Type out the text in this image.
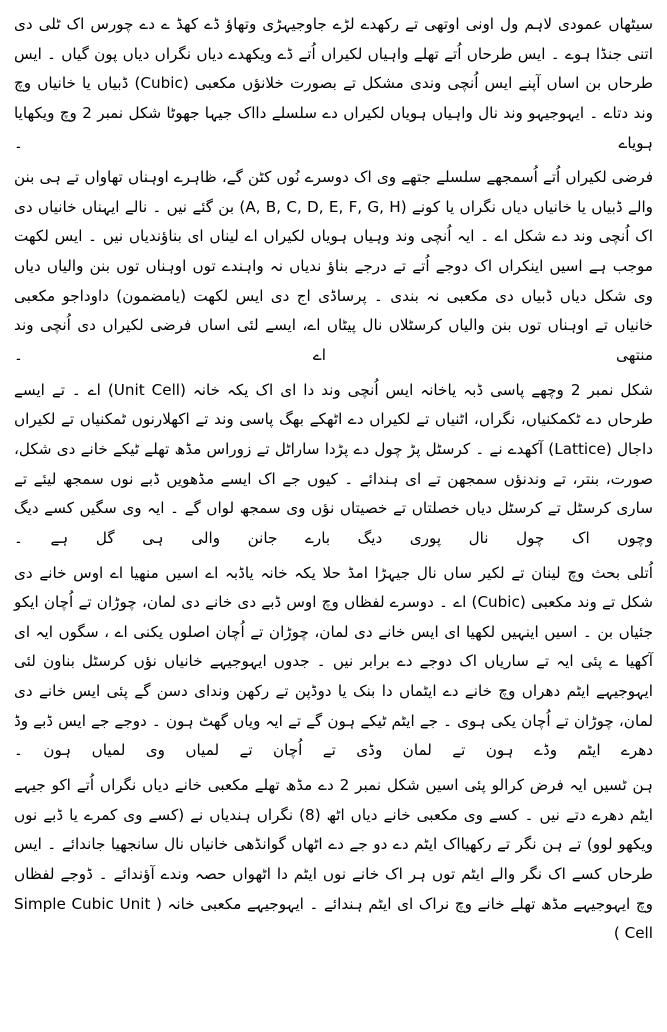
سیٹھاں عمودی لاہم ول اونی اوتھی تے رکھدے لڑے جاوجیہڑی وتھاؤ ڈے کھڈ ے دے چورس اک ٹلی دی اتنی جنڈا ہوے ۔ ایس طرحاں اُتے تھلے واہیاں لکیراں اُتے ڈے ویکھدے دیاں نگراں دیاں پون گیاں ۔ ایس طرحاں بن اساں آپنے ایس اُنچی وندی مشکل تے بصورت خلانؤں مکعبی (Cubic) ڈبیاں یا خانیاں وچ وند دتاے ۔ ایہوجیہو وند نال واہیاں ہویاں لکیراں دے سلسلے دااک جیہا جھوٹا شکل نمبر 2 وچ ویکھایا ہویاے ۔

فرضی لکیراں اُتے اُسمجھے سلسلے جتھے وی اک دوسرے نُوں کٹن گے، ظاہرے اوہناں تھاواں تے ہی بنن والے ڈبیاں یا خانیاں دیاں نگراں یا کونے (A, B, C, D, E, F, G, H) بن گئے نیں ۔ نالے ایہناں خانیاں دی اک اُنچی وند دے شکل اے ۔ ایہ اُنچی وند وہیاں ہویاں لکیراں اے لیناں ای بناؤندیاں نیں ۔ ایس لکھت موجب ہے اسیں اینکراں اک دوجے اُتے تے درجے بناؤ ندیاں نہ واہندے توں اوہناں توں بنن والیاں دیاں وی شکل دیاں ڈبیاں دی مکعبی نہ بندی ۔ پرساڈی اج دی ایس لکھت (یامضمون) داوداجو مکعبی خانیاں تے اوہناں توں بنن والیاں کرسٹلاں نال پیٹاں اے، ایسے لئی اساں فرضی لکیراں دی اُنچی وند منتھی اے ۔

شکل نمبر 2 وچھے پاسی ڈبہ یاخانہ ایس اُنچی وند دا ای اک یکہ خانہ (Unit Cell) اے ۔ تے ایسے طرحاں دے ٹکمکنیاں، نگراں، اٹنیاں تے لکیراں دے اٹھکے بھگ پاسی وند تے اکھلارنوں ٹمکنیاں تے لکیراں داجال (Lattice) آکھدے نے ۔ کرسٹل پڑ چول دے پڑدا ساراٹل تے زوراس مڈھ تھلے ٹیکے خانے دی شکل، صورت، بنتر، تے وندنؤں سمجھن تے ای ہندائے ۔ کیوں جے اک ایسے مڈھویں ڈبے نوں سمجھ لیئے تے ساری کرسٹل تے کرسٹل دیاں خصلتاں تے خصیتاں نؤں وی سمجھ لواں گے ۔ ایہ وی سگیں کسے دیگ وچوں اک چول نال پوری دیگ بارے جانن والی ہی گل ہے ۔

اُتلی بحث وچ لینان تے لکیر ساں نال جیہڑا امڈ حلا یکہ خانہ یاڈبہ اے اسیں منھیا اے اوس خانے دی شکل تے وند مکعبی (Cubic) اے ۔ دوسرے لفظاں وچ اوس ڈبے دی خانے دی لمان، چوڑان تے اُچان ایکو جئیاں بن ۔ اسیں اینہیں لکھیا ای ایس خانے دی لمان، چوڑان تے اُچان اصلوں یکنی اے ، سگوں ایہ ای آکھیا ے پئی ایہ تے ساریاں اک دوجے دے برابر نیں ۔ جدوں ایہوجیہے خانیاں نؤں کرسٹل بناون لئی ایہوجیہے ایٹم دھراں وچ خانے دے ایٹماں دا بنک یا دوڈپن تے رکھن وندای دسن گے پئی ایس خانے دی لمان، چوڑان تے اُچان یکی ہوی ۔ جے ایٹم ٹیکے ہون گے تے ایہ ویاں گھٹ ہون ۔ دوجے جے ایس ڈبے وڈ دھرے ایٹم وڈے ہون تے لمان وڈی تے اُچان تے لمیاں وی لمیاں ہون ۔

ہن ٹسیں ایہ فرض کرالو پئی اسیں شکل نمبر 2 دے مڈھ تھلے مکعبی خانے دیاں نگراں اُتے اکو جیہے ایٹم دھرے دتے نیں ۔ کسے وی مکعبی خانے دیاں اٹھ (8) نگراں ہندیاں نے (کسے وی کمرے یا ڈبے نوں ویکھو لوو) تے ہن نگر تے رکھیااک ایٹم دے دو جے دے اٹھاں گوانڈھی خانیاں نال سانجھیا جاندائے ۔ ایس طرحاں کسے اک نگر والے ایٹم توں ہر اک خانے نوں ایٹم دا اٹھواں حصہ وندے آؤندائے ۔ ڈوجے لفظاں وچ ایہوجیہے مڈھ تھلے خانے وچ نراک ای ایٹم ہندائے ۔ ایہوجیہے مکعبی خانہ ( Simple Cubic Unit Cell )
